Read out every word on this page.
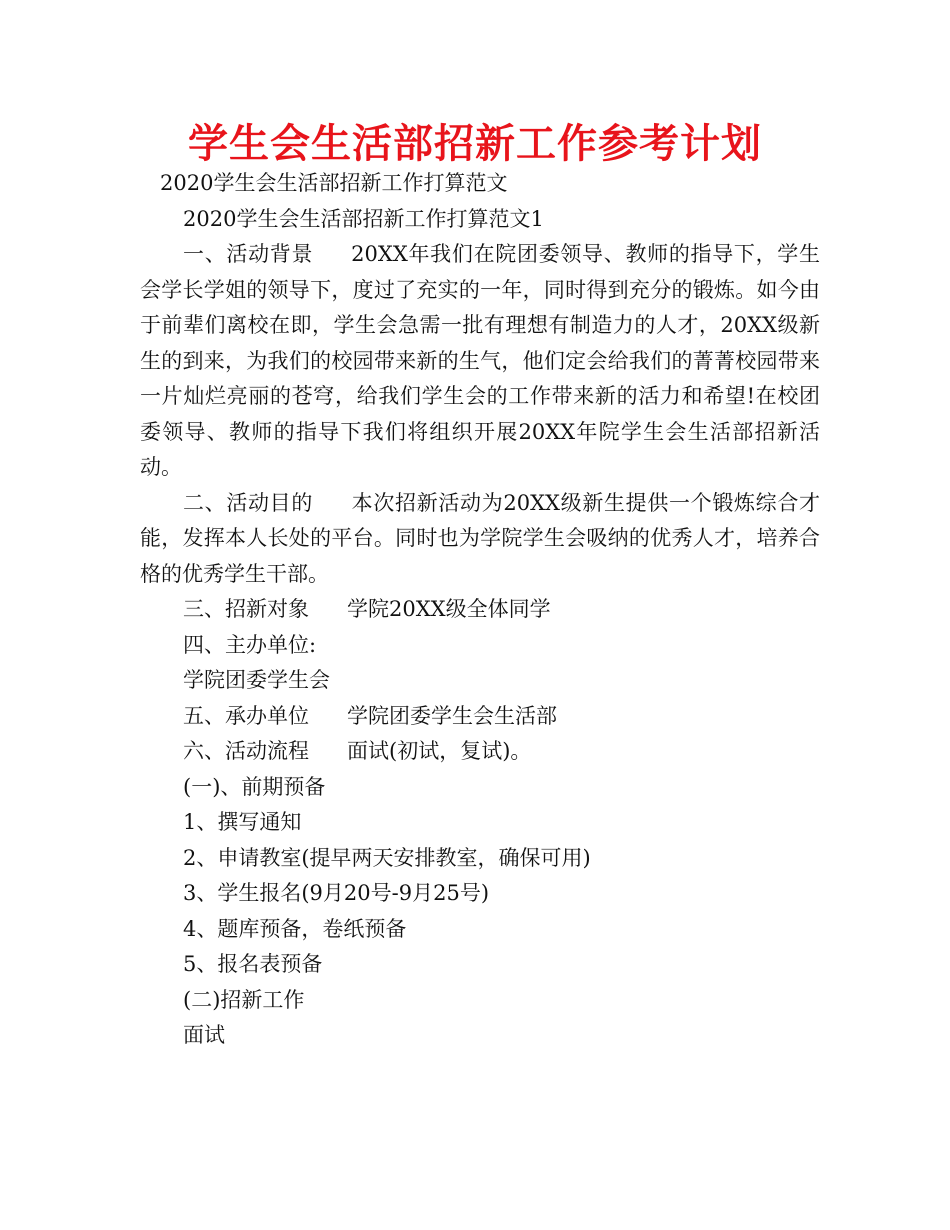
学生会生活部招新工作参考计划

2020学生会生活部招新工作打算范文

2020学生会生活部招新工作打算范文1

一、活动背景 20XX年我们在院团委领导、教师的指导下，学生会学长学姐的领导下，度过了充实的一年，同时得到充分的锻炼。如今由于前辈们离校在即，学生会急需一批有理想有制造力的人才，20XX级新生的到来，为我们的校园带来新的生气，他们定会给我们的菁菁校园带来一片灿烂亮丽的苍穹，给我们学生会的工作带来新的活力和希望!在校团委领导、教师的指导下我们将组织开展20XX年院学生会生活部招新活动。

二、活动目的 本次招新活动为20XX级新生提供一个锻炼综合才能，发挥本人长处的平台。同时也为学院学生会吸纳的优秀人才，培养合格的优秀学生干部。

三、招新对象 学院20XX级全体同学

四、主办单位:

学院团委学生会

五、承办单位 学院团委学生会生活部

六、活动流程 面试(初试，复试)。

(一)、前期预备

1、撰写通知

2、申请教室(提早两天安排教室，确保可用)

3、学生报名(9月20号-9月25号)

4、题库预备，卷纸预备

5、报名表预备

(二)招新工作

面试
